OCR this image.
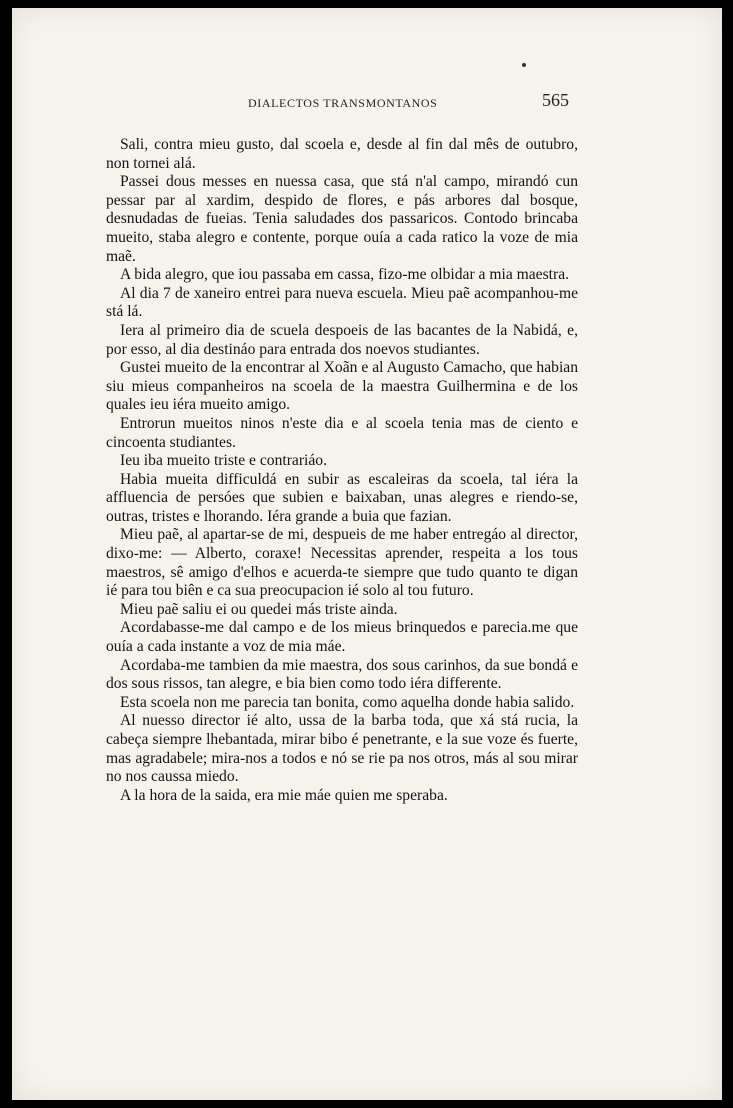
DIALECTOS TRANSMONTANOS	565

Sali, contra mieu gusto, dal scoela e, desde al fin dal mês de outubro, non tornei alá.

Passei dous messes en nuessa casa, que stá n'al campo, mirandó cun pessar par al xardim, despido de flores, e pás arbores dal bosque, desnudadas de fueias. Tenia saludades dos passaricos. Contodo brincaba mueito, staba alegro e contente, porque ouía a cada ratico la voze de mia maẽ.

A bida alegro, que iou passaba em cassa, fizo-me olbidar a mia maestra.

Al dia 7 de xaneiro entrei para nueva escuela. Mieu paẽ acompanhou-me stá lá.

Iera al primeiro dia de scuela despoeis de las bacantes de la Nabidá, e, por esso, al dia destináo para entrada dos noevos studiantes.

Gustei mueito de la encontrar al Xoãn e al Augusto Camacho, que habian siu mieus companheiros na scoela de la maestra Guilhermina e de los quales ieu iéra mueito amigo.

Entrorun mueitos ninos n'este dia e al scoela tenia mas de ciento e cincoenta studiantes.

Ieu iba mueito triste e contrariáo.

Habia mueita difficuldá en subir as escaleiras da scoela, tal iéra la affluencia de persóes que subien e baixaban, unas alegres e riendo-se, outras, tristes e lhorando. Iéra grande a buia que fazian.

Mieu paẽ, al apartar-se de mi, despueis de me haber entregáo al director, dixo-me: — Alberto, coraxe! Necessitas aprender, respeita a los tous maestros, sê amigo d'elhos e acuerda-te siempre que tudo quanto te digan ié para tou biên e ca sua preocupacion ié solo al tou futuro.

Mieu paẽ saliu ei ou quedei más triste ainda.

Acordabasse-me dal campo e de los mieus brinquedos e parecia.me que ouía a cada instante a voz de mia máe.

Acordaba-me tambien da mie maestra, dos sous carinhos, da sue bondá e dos sous rissos, tan alegre, e bia bien como todo iéra differente.

Esta scoela non me parecia tan bonita, como aquelha donde habia salido.

Al nuesso director ié alto, ussa de la barba toda, que xá stá rucia, la cabeça siempre lhebantada, mirar bibo é penetrante, e la sue voze és fuerte, mas agradabele; mira-nos a todos e nó se rie pa nos otros, más al sou mirar no nos caussa miedo.

A la hora de la saida, era mie máe quien me speraba.
